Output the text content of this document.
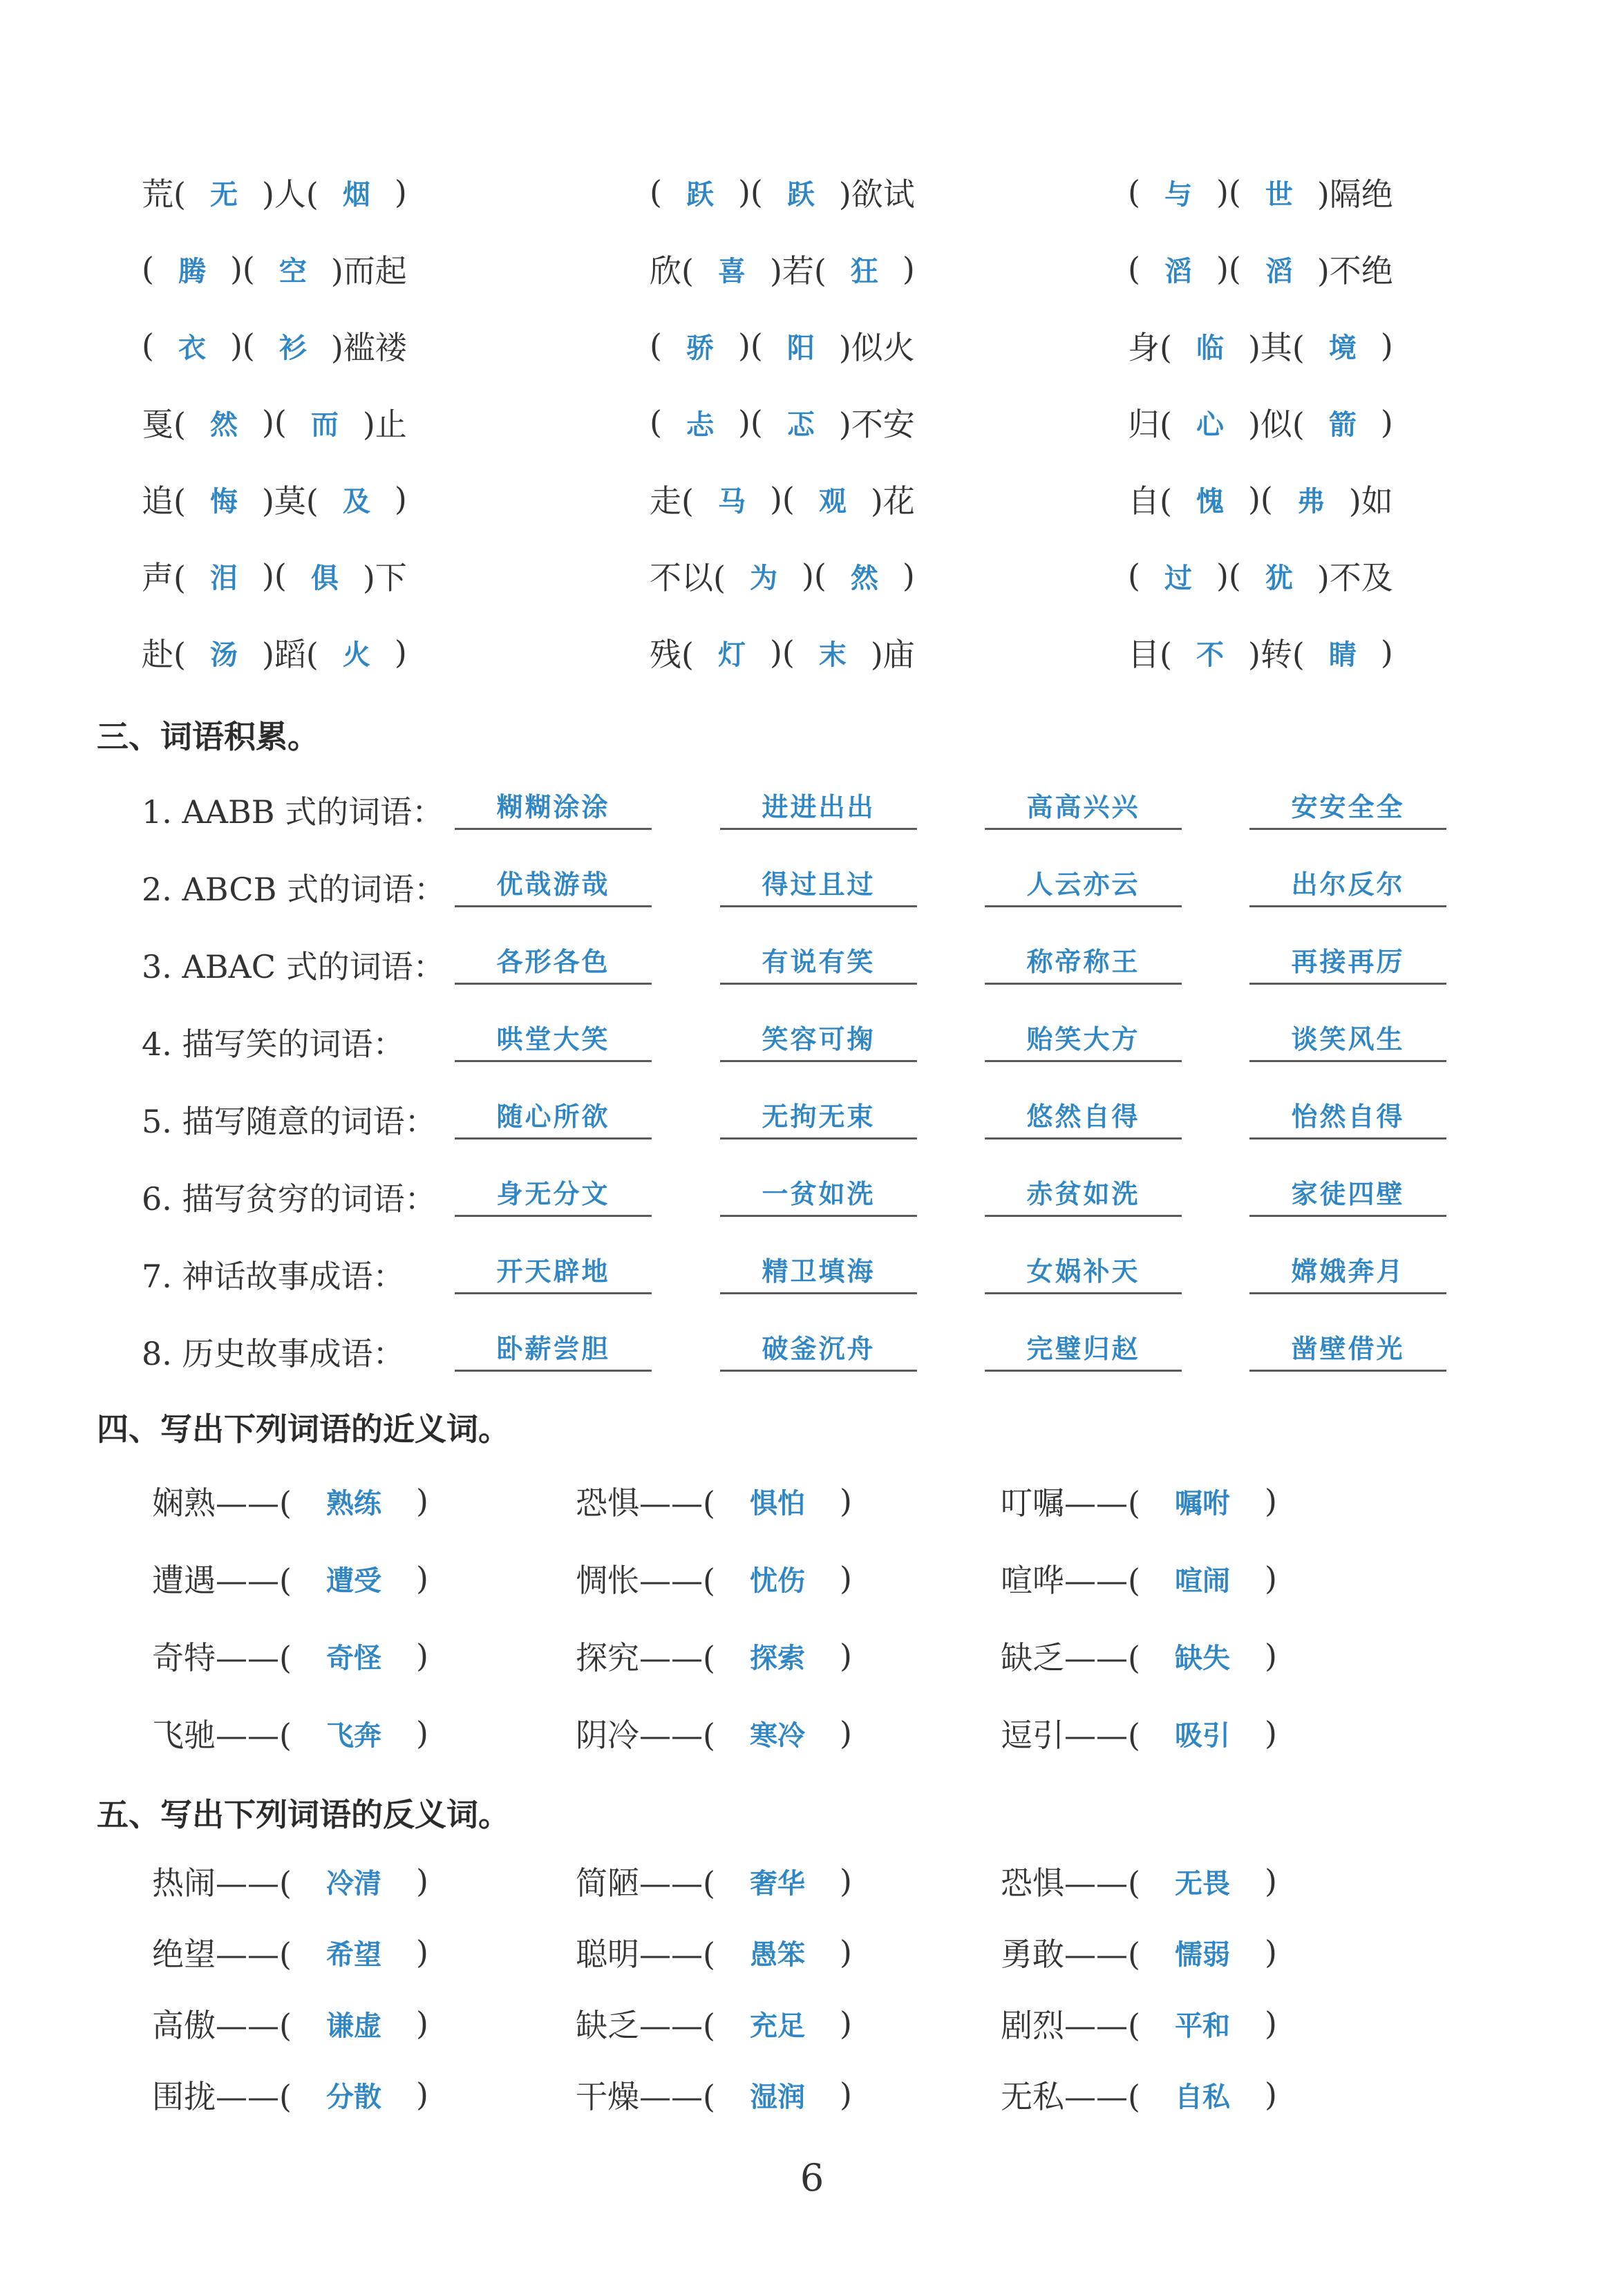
荒( 无 )人( 烟 )	( 跃 )( 跃 )欲试	( 与 )( 世 )隔绝
( 腾 )( 空 )而起	欣( 喜 )若( 狂 )	( 滔 )( 滔 )不绝
( 衣 )( 衫 )褴褛	( 骄 )( 阳 )似火	身( 临 )其( 境 )
戛( 然 )( 而 )止	( 忐 )( 忑 )不安	归( 心 )似( 箭 )
追( 悔 )莫( 及 )	走( 马 )( 观 )花	自( 愧 )( 弗 )如
声( 泪 )( 俱 )下	不以( 为 )( 然 )	( 过 )( 犹 )不及
赴( 汤 )蹈( 火 )	残( 灯 )( 末 )庙	目( 不 )转( 睛 )
三、词语积累。
1. AABB 式的词语： 糊糊涂涂	进进出出	高高兴兴	安安全全
2. ABCB 式的词语： 优哉游哉	得过且过	人云亦云	出尔反尔
3. ABAC 式的词语： 各形各色	有说有笑	称帝称王	再接再厉
4. 描写笑的词语：	哄堂大笑	笑容可掬	贻笑大方	谈笑风生
5. 描写随意的词语： 随心所欲	无拘无束	悠然自得	怡然自得
6. 描写贫穷的词语： 身无分文	一贫如洗	赤贫如洗	家徒四壁
7. 神话故事成语：	开天辟地	精卫填海	女娲补天	嫦娥奔月
8. 历史故事成语：	卧薪尝胆	破釜沉舟	完璧归赵	凿壁借光
四、写出下列词语的近义词。
娴熟——(	熟练	)	恐惧——(	惧怕	)	叮嘱——(	嘱咐	)
遭遇——(	遭受	)	惆怅——(	忧伤	)	喧哗——(	喧闹	)
奇特——(	奇怪	)	探究——(	探索	)	缺乏——(	缺失	)
飞驰——(	飞奔	)	阴冷——(	寒冷	)	逗引——(	吸引	)
五、写出下列词语的反义词。
热闹——(	冷清	)	简陋——(	奢华	)	恐惧——(	无畏	)
绝望——(	希望	)	聪明——(	愚笨	)	勇敢——(	懦弱	)
高傲——(	谦虚	)	缺乏——(	充足	)	剧烈——(	平和	)
围拢——(	分散	)	干燥——(	湿润	)	无私——(	自私	)
6
